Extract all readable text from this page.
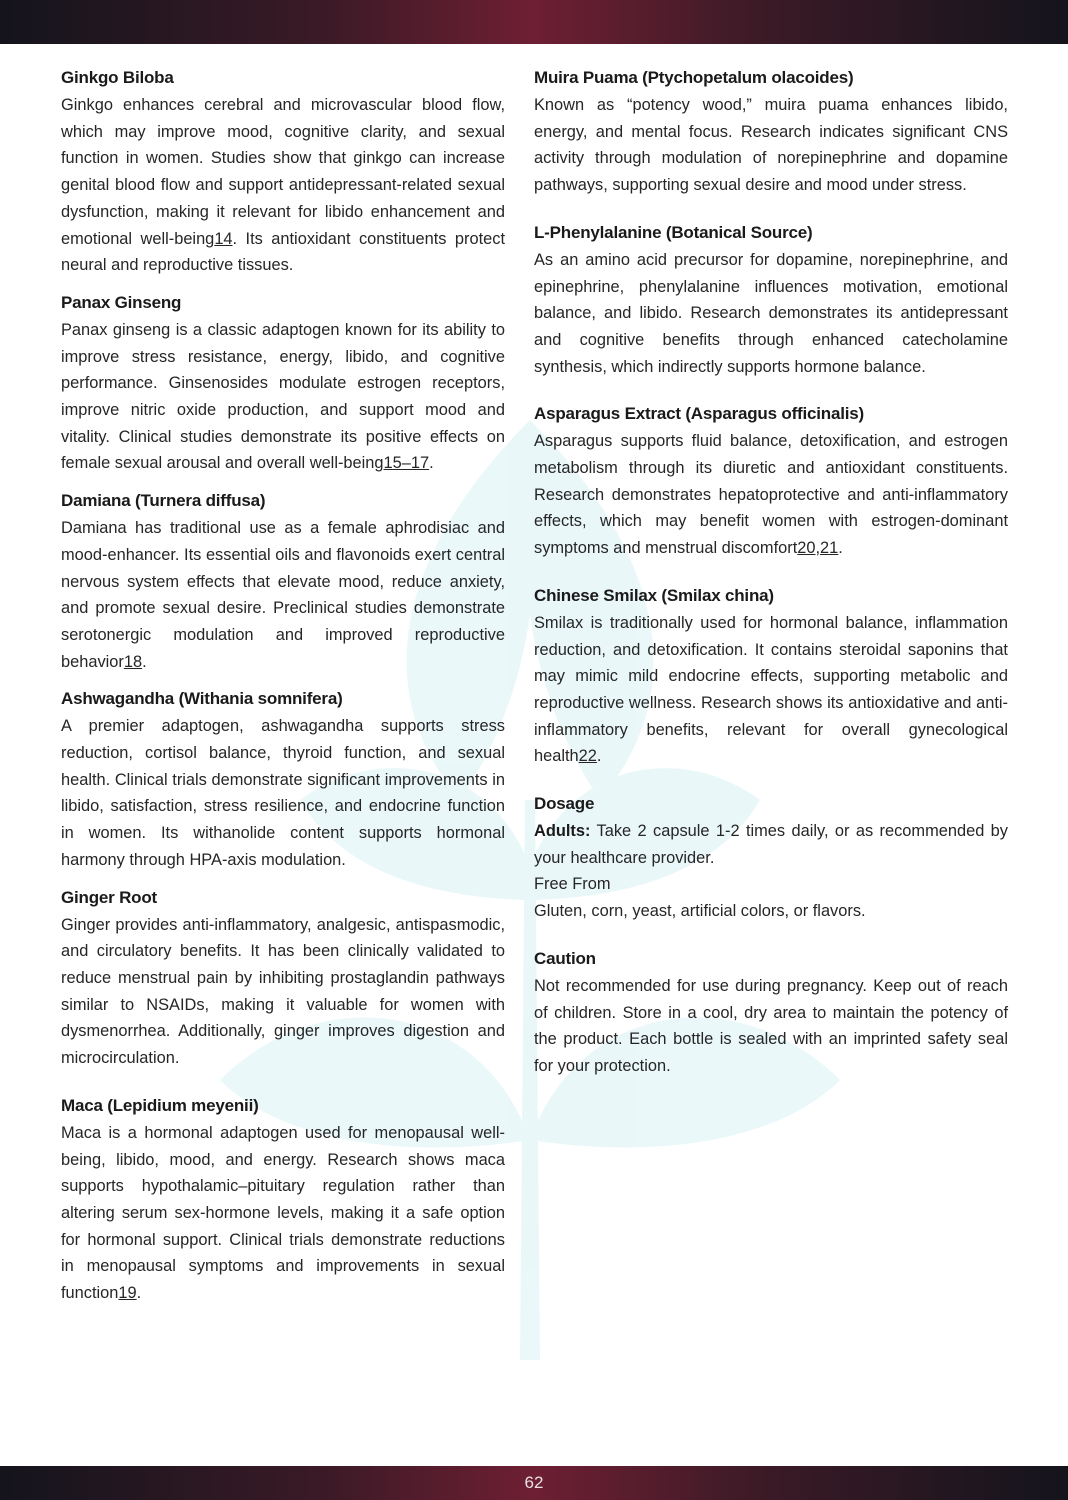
Ginkgo Biloba

Ginkgo enhances cerebral and microvascular blood flow, which may improve mood, cognitive clarity, and sexual function in women. Studies show that ginkgo can increase genital blood flow and support antidepressant-related sexual dysfunction, making it relevant for libido enhancement and emotional well-being14. Its antioxidant constituents protect neural and reproductive tissues.

Panax Ginseng

Panax ginseng is a classic adaptogen known for its ability to improve stress resistance, energy, libido, and cognitive performance. Ginsenosides modulate estrogen receptors, improve nitric oxide production, and support mood and vitality. Clinical studies demonstrate its positive effects on female sexual arousal and overall well-being15–17.

Damiana (Turnera diffusa)

Damiana has traditional use as a female aphrodisiac and mood-enhancer. Its essential oils and flavonoids exert central nervous system effects that elevate mood, reduce anxiety, and promote sexual desire. Preclinical studies demonstrate serotonergic modulation and improved reproductive behavior18.

Ashwagandha (Withania somnifera)

A premier adaptogen, ashwagandha supports stress reduction, cortisol balance, thyroid function, and sexual health. Clinical trials demonstrate significant improvements in libido, satisfaction, stress resilience, and endocrine function in women. Its withanolide content supports hormonal harmony through HPA-axis modulation.

Ginger Root

Ginger provides anti-inflammatory, analgesic, antispasmodic, and circulatory benefits. It has been clinically validated to reduce menstrual pain by inhibiting prostaglandin pathways similar to NSAIDs, making it valuable for women with dysmenorrhea. Additionally, ginger improves digestion and microcirculation.

Maca (Lepidium meyenii)

Maca is a hormonal adaptogen used for menopausal well-being, libido, mood, and energy. Research shows maca supports hypothalamic–pituitary regulation rather than altering serum sex-hormone levels, making it a safe option for hormonal support. Clinical trials demonstrate reductions in menopausal symptoms and improvements in sexual function19.

Muira Puama (Ptychopetalum olacoides)

Known as “potency wood,” muira puama enhances libido, energy, and mental focus. Research indicates significant CNS activity through modulation of norepinephrine and dopamine pathways, supporting sexual desire and mood under stress.

L-Phenylalanine (Botanical Source)

As an amino acid precursor for dopamine, norepinephrine, and epinephrine, phenylalanine influences motivation, emotional balance, and libido. Research demonstrates its antidepressant and cognitive benefits through enhanced catecholamine synthesis, which indirectly supports hormone balance.

Asparagus Extract (Asparagus officinalis)

Asparagus supports fluid balance, detoxification, and estrogen metabolism through its diuretic and antioxidant constituents. Research demonstrates hepatoprotective and anti-inflammatory effects, which may benefit women with estrogen-dominant symptoms and menstrual discomfort20,21.

Chinese Smilax (Smilax china)

Smilax is traditionally used for hormonal balance, inflammation reduction, and detoxification. It contains steroidal saponins that may mimic mild endocrine effects, supporting metabolic and reproductive wellness. Research shows its antioxidative and anti-inflammatory benefits, relevant for overall gynecological health22.

Dosage

Adults: Take 2 capsule 1-2 times daily, or as recommended by your healthcare provider.

Free From

Gluten, corn, yeast, artificial colors, or flavors.

Caution

Not recommended for use during pregnancy. Keep out of reach of children. Store in a cool, dry area to maintain the potency of the product. Each bottle is sealed with an imprinted safety seal for your protection.

62
